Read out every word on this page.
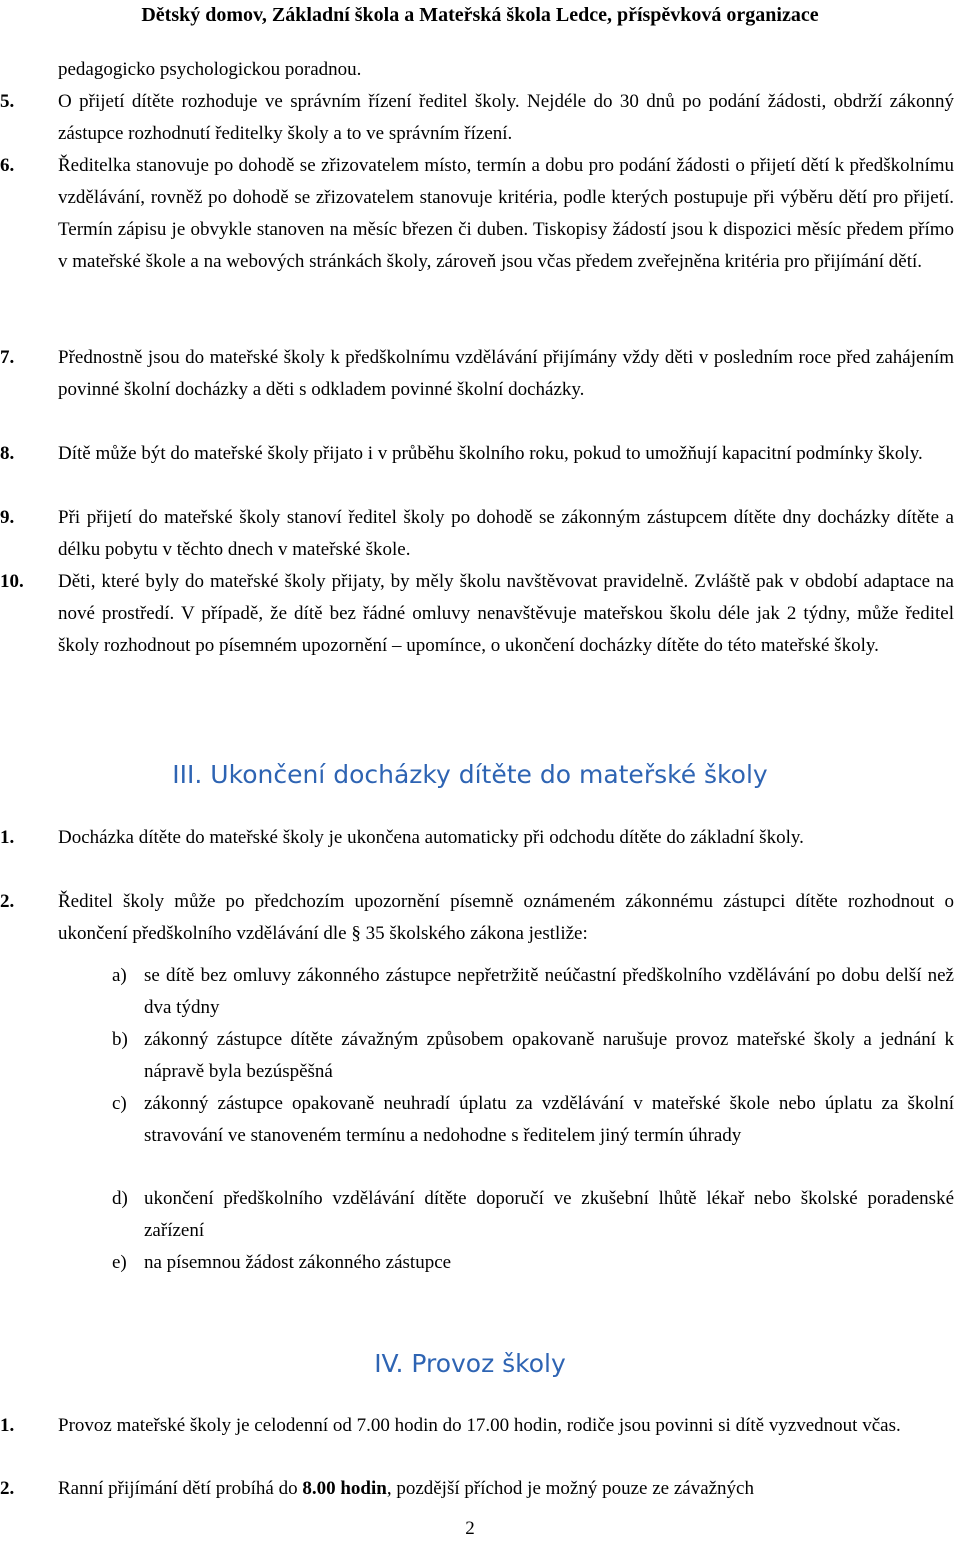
Dětský domov, Základní škola a Mateřská škola Ledce, příspěvková organizace
pedagogicko psychologickou poradnou.
5.	O přijetí dítěte rozhoduje ve správním řízení ředitel školy. Nejdéle do 30 dnů po podání žádosti, obdrží zákonný zástupce rozhodnutí ředitelky školy a to ve správním řízení.
6.	Ředitelka stanovuje po dohodě se zřizovatelem místo, termín a dobu pro podání žádosti o přijetí dětí k předškolnímu vzdělávání, rovněž po dohodě se zřizovatelem stanovuje kritéria, podle kterých postupuje při výběru dětí pro přijetí. Termín zápisu je obvykle stanoven na měsíc březen či duben. Tiskopisy žádostí jsou k dispozici měsíc předem přímo v mateřské škole a na webových stránkách školy, zároveň jsou včas předem zveřejněna kritéria pro přijímání dětí.
7.	Přednostně jsou do mateřské školy k předškolnímu vzdělávání přijímány vždy děti v posledním roce před zahájením povinné školní docházky a děti s odkladem povinné školní docházky.
8.	Dítě může být do mateřské školy přijato i v průběhu školního roku, pokud to umožňují kapacitní podmínky školy.
9.	Při přijetí do mateřské školy stanoví ředitel školy po dohodě se zákonným zástupcem dítěte dny docházky dítěte a délku pobytu v těchto dnech v mateřské škole.
10.	Děti, které byly do mateřské školy přijaty, by měly školu navštěvovat pravidelně. Zvláště pak v období adaptace na nové prostředí. V případě, že dítě bez řádné omluvy nenavštěvuje mateřskou školu déle jak 2 týdny, může ředitel školy rozhodnout po písemném upozornění – upomínce, o ukončení docházky dítěte do této mateřské školy.
III. Ukončení docházky dítěte do mateřské školy
1.	Docházka dítěte do mateřské školy je ukončena automaticky při odchodu dítěte do základní školy.
2.	Ředitel školy může po předchozím upozornění písemně oznámeném zákonnému zástupci dítěte rozhodnout o ukončení předškolního vzdělávání dle § 35 školského zákona jestliže:
a) se dítě bez omluvy zákonného zástupce nepřetržitě neúčastní předškolního vzdělávání po dobu delší než dva týdny
b) zákonný zástupce dítěte závažným způsobem opakovaně narušuje provoz mateřské školy a jednání k nápravě byla bezúspěšná
c) zákonný zástupce opakovaně neuhradí úplatu za vzdělávání v mateřské škole nebo úplatu za školní stravování ve stanoveném termínu a nedohodne s ředitelem jiný termín úhrady
d) ukončení předškolního vzdělávání dítěte doporučí ve zkušební lhůtě lékař nebo školské poradenské zařízení
e) na písemnou žádost zákonného zástupce
IV. Provoz školy
1.	Provoz mateřské školy je celodenní od 7.00 hodin do 17.00 hodin, rodiče jsou povinni si dítě vyzvednout včas.
2.	Ranní přijímání dětí probíhá do 8.00 hodin, pozdější příchod je možný pouze ze závažných
2
